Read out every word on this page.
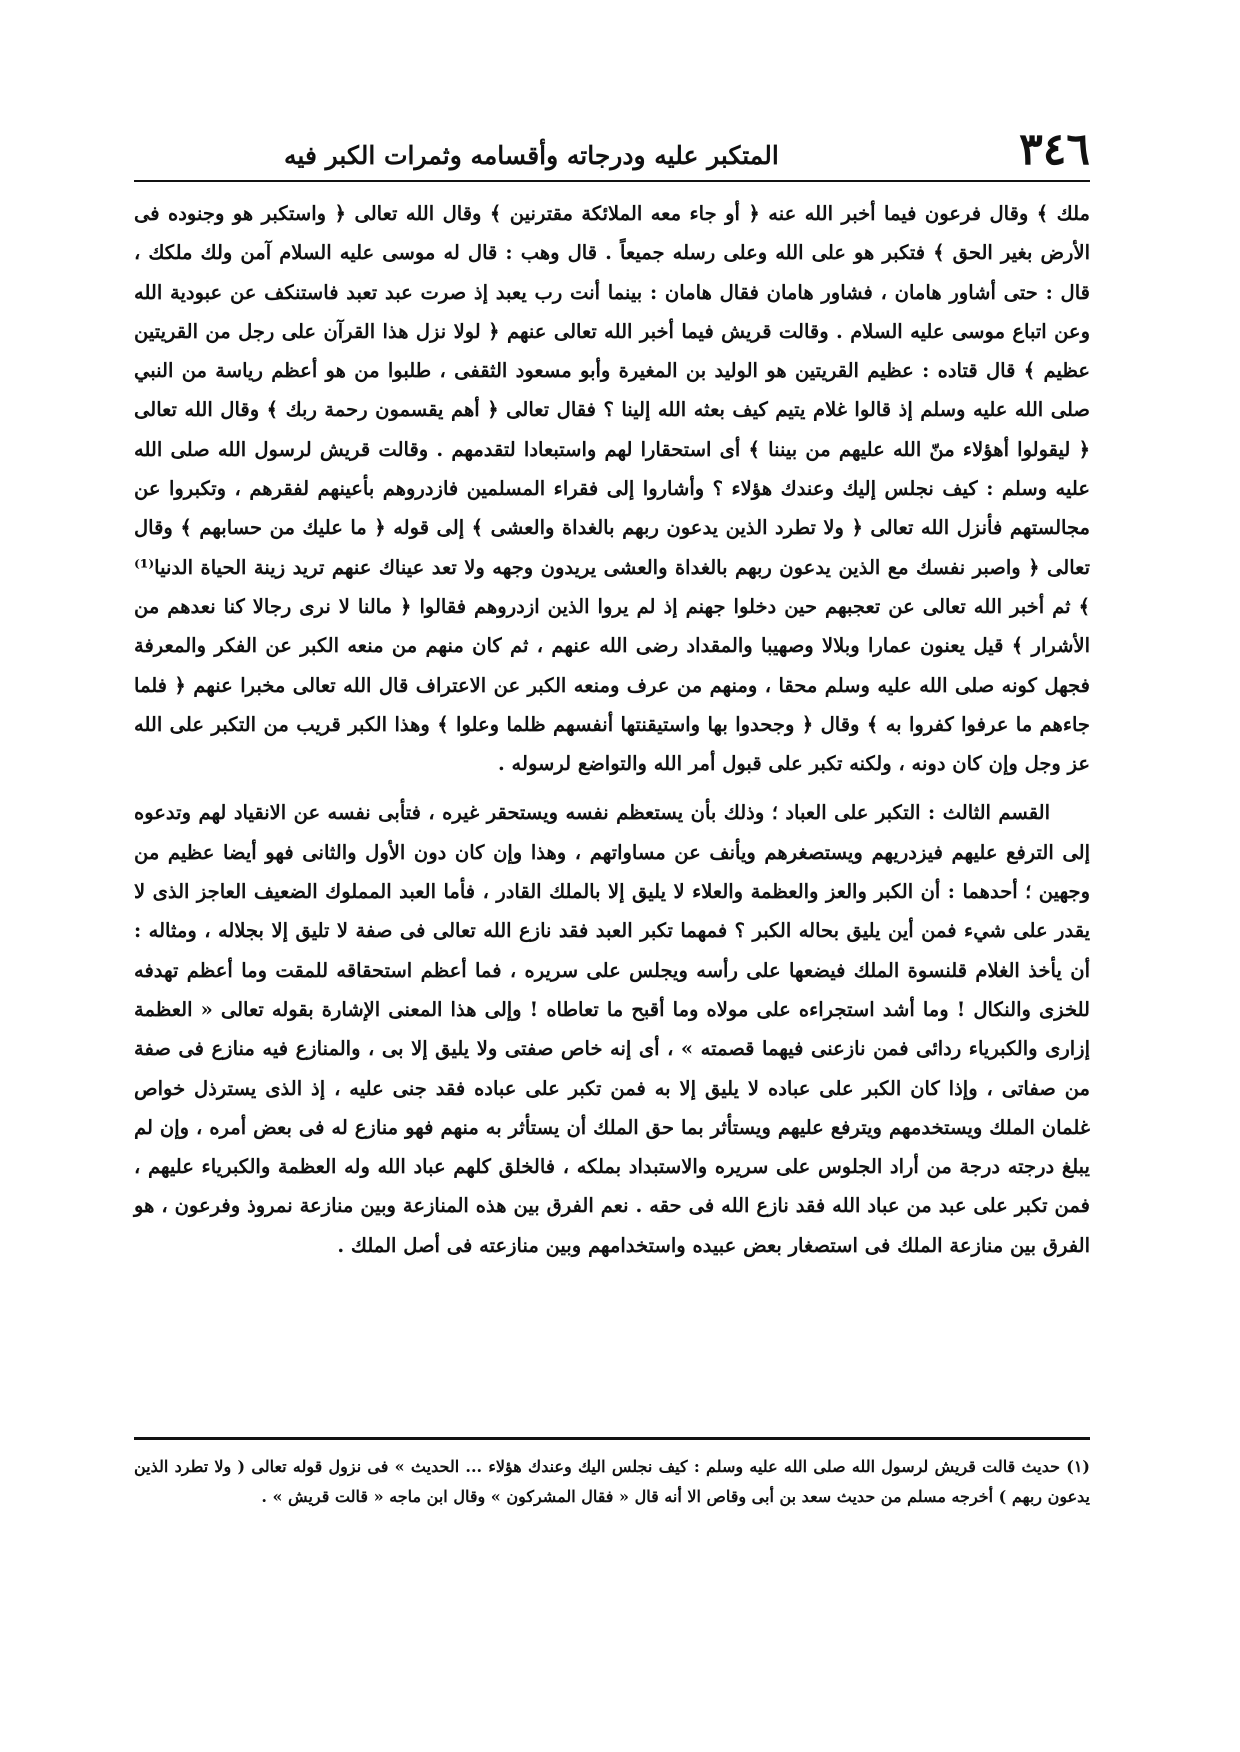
٣٤٦
المتكبر عليه ودرجاته وأقسامه وثمرات الكبر فيه

ملك ﴾ وقال فرعون فيما أخبر الله عنه ﴿ أو جاء معه الملائكة مقترنين ﴾ وقال الله تعالى ﴿ واستكبر هو وجنوده فى الأرض بغير الحق ﴾ فتكبر هو على الله وعلى رسله جميعاً . قال وهب : قال له موسى عليه السلام آمن ولك ملكك ، قال : حتى أشاور هامان ، فشاور هامان فقال هامان : بينما أنت رب يعبد إذ صرت عبد تعبد فاستنكف عن عبودية الله وعن اتباع موسى عليه السلام . وقالت قريش فيما أخبر الله تعالى عنهم ﴿ لولا نزل هذا القرآن على رجل من القريتين عظيم ﴾ قال قتاده : عظيم القريتين هو الوليد بن المغيرة وأبو مسعود الثقفى ، طلبوا من هو أعظم رياسة من النبي صلى الله عليه وسلم إذ قالوا غلام يتيم كيف بعثه الله إلينا ؟ فقال تعالى ﴿ أهم يقسمون رحمة ربك ﴾ وقال الله تعالى ﴿ ليقولوا أهؤلاء منّ الله عليهم من بيننا ﴾ أى استحقارا لهم واستبعادا لتقدمهم . وقالت قريش لرسول الله صلى الله عليه وسلم : كيف نجلس إليك وعندك هؤلاء ؟ وأشاروا إلى فقراء المسلمين فازدروهم بأعينهم لفقرهم ، وتكبروا عن مجالستهم فأنزل الله تعالى ﴿ ولا تطرد الذين يدعون ربهم بالغداة والعشى ﴾ إلى قوله ﴿ ما عليك من حسابهم ﴾ وقال تعالى ﴿ واصبر نفسك مع الذين يدعون ربهم بالغداة والعشى يريدون وجهه ولا تعد عيناك عنهم تريد زينة الحياة الدنيا⁽¹⁾ ﴾ ثم أخبر الله تعالى عن تعجبهم حين دخلوا جهنم إذ لم يروا الذين ازدروهم فقالوا ﴿ مالنا لا نرى رجالا كنا نعدهم من الأشرار ﴾ قيل يعنون عمارا وبلالا وصهيبا والمقداد رضى الله عنهم ، ثم كان منهم من منعه الكبر عن الفكر والمعرفة فجهل كونه صلى الله عليه وسلم محقا ، ومنهم من عرف ومنعه الكبر عن الاعتراف قال الله تعالى مخبرا عنهم ﴿ فلما جاءهم ما عرفوا كفروا به ﴾ وقال ﴿ وجحدوا بها واستيقنتها أنفسهم ظلما وعلوا ﴾ وهذا الكبر قريب من التكبر على الله عز وجل وإن كان دونه ، ولكنه تكبر على قبول أمر الله والتواضع لرسوله .

القسم الثالث : التكبر على العباد ؛ وذلك بأن يستعظم نفسه ويستحقر غيره ، فتأبى نفسه عن الانقياد لهم وتدعوه إلى الترفع عليهم فيزدريهم ويستصغرهم ويأنف عن مساواتهم ، وهذا وإن كان دون الأول والثانى فهو أيضا عظيم من وجهين ؛ أحدهما : أن الكبر والعز والعظمة والعلاء لا يليق إلا بالملك القادر ، فأما العبد المملوك الضعيف العاجز الذى لا يقدر على شيء فمن أين يليق بحاله الكبر ؟ فمهما تكبر العبد فقد نازع الله تعالى فى صفة لا تليق إلا بجلاله ، ومثاله : أن يأخذ الغلام قلنسوة الملك فيضعها على رأسه ويجلس على سريره ، فما أعظم استحقاقه للمقت وما أعظم تهدفه للخزى والنكال ! وما أشد استجراءه على مولاه وما أقبح ما تعاطاه ! وإلى هذا المعنى الإشارة بقوله تعالى « العظمة إزارى والكبرياء ردائى فمن نازعنى فيهما قصمته » ، أى إنه خاص صفتى ولا يليق إلا بى ، والمنازع فيه منازع فى صفة من صفاتى ، وإذا كان الكبر على عباده لا يليق إلا به فمن تكبر على عباده فقد جنى عليه ، إذ الذى يسترذل خواص غلمان الملك ويستخدمهم ويترفع عليهم ويستأثر بما حق الملك أن يستأثر به منهم فهو منازع له فى بعض أمره ، وإن لم يبلغ درجته درجة من أراد الجلوس على سريره والاستبداد بملكه ، فالخلق كلهم عباد الله وله العظمة والكبرياء عليهم ، فمن تكبر على عبد من عباد الله فقد نازع الله فى حقه . نعم الفرق بين هذه المنازعة وبين منازعة نمروذ وفرعون ، هو الفرق بين منازعة الملك فى استصغار بعض عبيده واستخدامهم وبين منازعته فى أصل الملك .

(١) حديث قالت قريش لرسول الله صلى الله عليه وسلم : كيف نجلس اليك وعندك هؤلاء ... الحديث » فى نزول قوله تعالى ( ولا تطرد الذين يدعون ربهم ) أخرجه مسلم من حديث سعد بن أبى وقاص الا أنه قال « فقال المشركون » وقال ابن ماجه « قالت قريش » .
